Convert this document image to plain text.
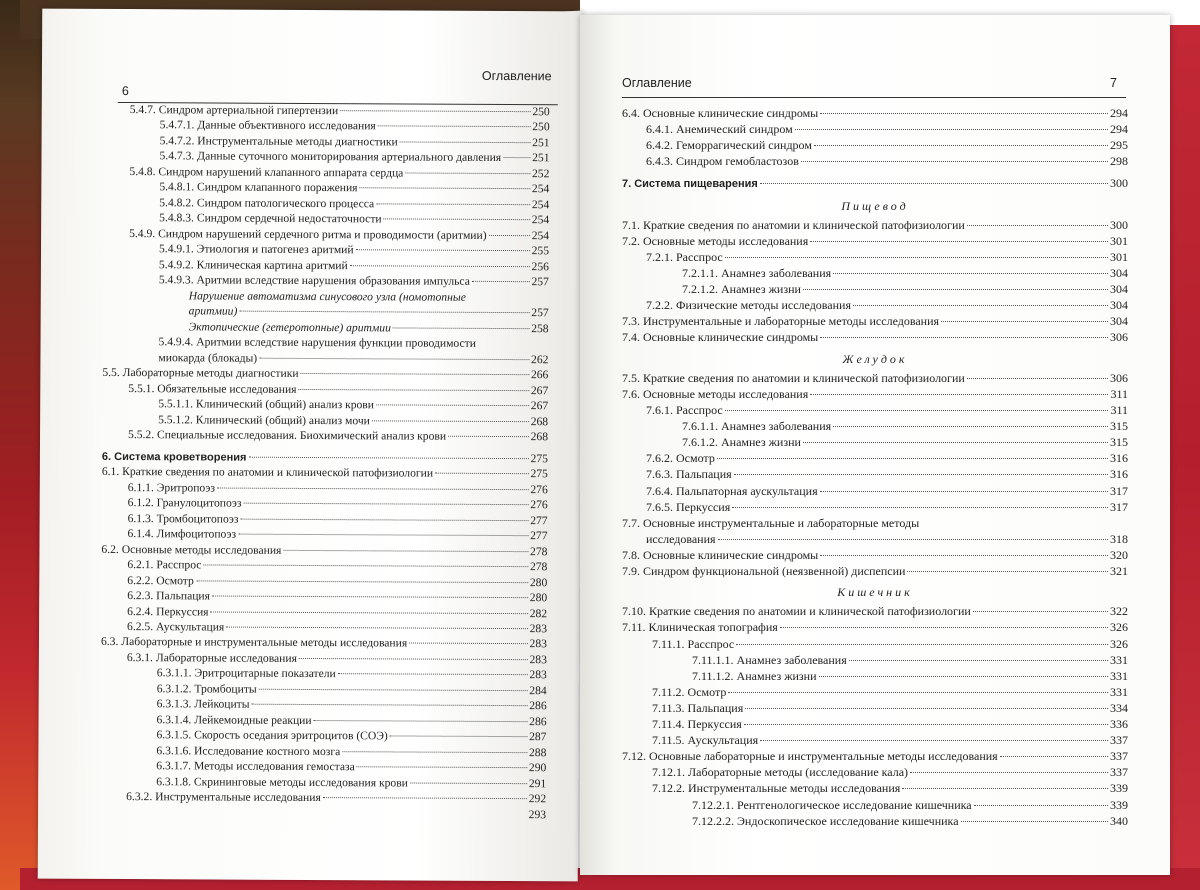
Оглавление
6
5.4.7. Синдром артериальной гипертензии	250
5.4.7.1. Данные объективного исследования	250
5.4.7.2. Инструментальные методы диагностики	251
5.4.7.3. Данные суточного мониторирования артериального давления	251
5.4.8. Синдром нарушений клапанного аппарата сердца	252
5.4.8.1. Синдром клапанного поражения	254
5.4.8.2. Синдром патологического процесса	254
5.4.8.3. Синдром сердечной недостаточности	254
5.4.9. Синдром нарушений сердечного ритма и проводимости (аритмии)	254
5.4.9.1. Этиология и патогенез аритмий	255
5.4.9.2. Клиническая картина аритмий	256
5.4.9.3. Аритмии вследствие нарушения образования импульса	257
Нарушение автоматизма синусового узла (номотопные
аритмии)	257
Эктопические (гетеротопные) аритмии	258
5.4.9.4. Аритмии вследствие нарушения функции проводимости
миокарда (блокады)	262
5.5. Лабораторные методы диагностики	266
5.5.1. Обязательные исследования	267
5.5.1.1. Клинический (общий) анализ крови	267
5.5.1.2. Клинический (общий) анализ мочи	268
5.5.2. Специальные исследования. Биохимический анализ крови	268
6. Система кроветворения	275
6.1. Краткие сведения по анатомии и клинической патофизиологии	275
6.1.1. Эритропоэз	276
6.1.2. Гранулоцитопоэз	276
6.1.3. Тромбоцитопоэз	277
6.1.4. Лимфоцитопоэз	277
6.2. Основные методы исследования	278
6.2.1. Расспрос	278
6.2.2. Осмотр	280
6.2.3. Пальпация	280
6.2.4. Перкуссия	282
6.2.5. Аускультация	283
6.3. Лабораторные и инструментальные методы исследования	283
6.3.1. Лабораторные исследования	283
6.3.1.1. Эритроцитарные показатели	283
6.3.1.2. Тромбоциты	284
6.3.1.3. Лейкоциты	286
6.3.1.4. Лейкемоидные реакции	286
6.3.1.5. Скорость оседания эритроцитов (СОЭ)	287
6.3.1.6. Исследование костного мозга	288
6.3.1.7. Методы исследования гемостаза	290
6.3.1.8. Скрининговые методы исследования крови	291
6.3.2. Инструментальные исследования	292
293
Оглавление	7
6.4. Основные клинические синдромы	294
6.4.1. Анемический синдром	294
6.4.2. Геморрагический синдром	295
6.4.3. Синдром гемобластозов	298
7. Система пищеварения	300
Пищевод
7.1. Краткие сведения по анатомии и клинической патофизиологии	300
7.2. Основные методы исследования	301
7.2.1. Расспрос	301
7.2.1.1. Анамнез заболевания	304
7.2.1.2. Анамнез жизни	304
7.2.2. Физические методы исследования	304
7.3. Инструментальные и лабораторные методы исследования	304
7.4. Основные клинические синдромы	306
Желудок
7.5. Краткие сведения по анатомии и клинической патофизиологии	306
7.6. Основные методы исследования	311
7.6.1. Расспрос	311
7.6.1.1. Анамнез заболевания	315
7.6.1.2. Анамнез жизни	315
7.6.2. Осмотр	316
7.6.3. Пальпация	316
7.6.4. Пальпаторная аускультация	317
7.6.5. Перкуссия	317
7.7. Основные инструментальные и лабораторные методы
исследования	318
7.8. Основные клинические синдромы	320
7.9. Синдром функциональной (неязвенной) диспепсии	321
Кишечник
7.10. Краткие сведения по анатомии и клинической патофизиологии	322
7.11. Клиническая топография	326
7.11.1. Расспрос	326
7.11.1.1. Анамнез заболевания	331
7.11.1.2. Анамнез жизни	331
7.11.2. Осмотр	331
7.11.3. Пальпация	334
7.11.4. Перкуссия	336
7.11.5. Аускультация	337
7.12. Основные лабораторные и инструментальные методы исследования	337
7.12.1. Лабораторные методы (исследование кала)	337
7.12.2. Инструментальные методы исследования	339
7.12.2.1. Рентгенологическое исследование кишечника	339
7.12.2.2. Эндоскопическое исследование кишечника	340
